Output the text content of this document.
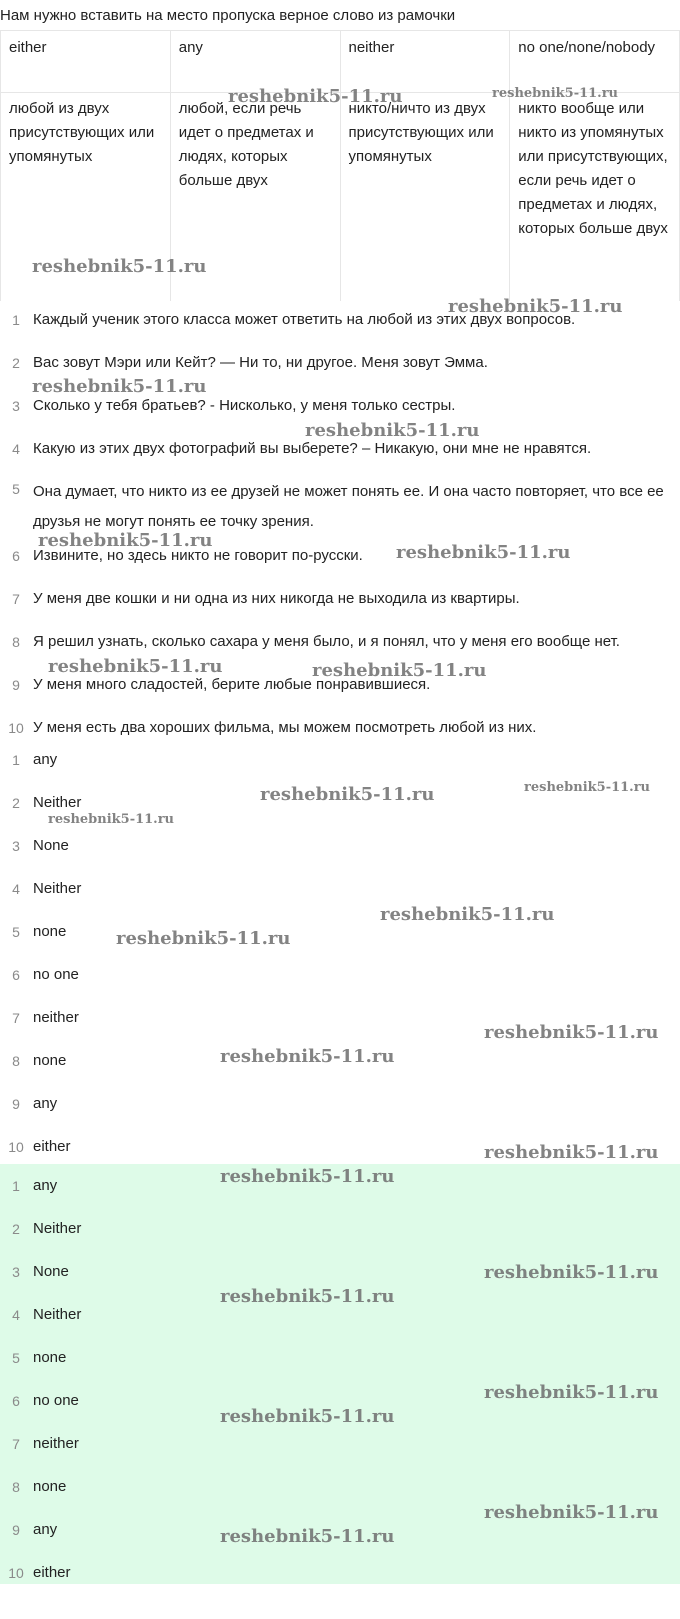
Нам нужно вставить на место пропуска верное слово из рамочки
either	any	neither	no one/none/nobody
любой из двух присутствующих или упомянутых	любой, если речь идет о предметах и людях, которых больше двух	никто/ничто из двух присутствующих или упомянутых	никто вообще или никто из упомянутых или присутствующих, если речь идет о предметах и людях, которых больше двух
1 Каждый ученик этого класса может ответить на любой из этих двух вопросов.
2 Вас зовут Мэри или Кейт? — Ни то, ни другое. Меня зовут Эмма.
3 Сколько у тебя братьев? - Нисколько, у меня только сестры.
4 Какую из этих двух фотографий вы выберете? – Никакую, они мне не нравятся.
5 Она думает, что никто из ее друзей не может понять ее. И она часто повторяет, что все ее друзья не могут понять ее точку зрения.
6 Извините, но здесь никто не говорит по-русски.
7 У меня две кошки и ни одна из них никогда не выходила из квартиры.
8 Я решил узнать, сколько сахара у меня было, и я понял, что у меня его вообще нет.
9 У меня много сладостей, берите любые понравившиеся.
10 У меня есть два хороших фильма, мы можем посмотреть любой из них.
1 any
2 Neither
3 None
4 Neither
5 none
6 no one
7 neither
8 none
9 any
10 either
1 any
2 Neither
3 None
4 Neither
5 none
6 no one
7 neither
8 none
9 any
10 either
reshebnik5-11.ru	reshebnik5-11.ru
reshebnik5-11.ru
reshebnik5-11.ru
reshebnik5-11.ru
reshebnik5-11.ru
reshebnik5-11.ru
reshebnik5-11.ru
reshebnik5-11.ru	reshebnik5-11.ru
reshebnik5-11.ru	reshebnik5-11.ru
reshebnik5-11.ru
reshebnik5-11.ru
reshebnik5-11.ru
reshebnik5-11.ru
reshebnik5-11.ru
reshebnik5-11.ru
reshebnik5-11.ru
reshebnik5-11.ru
reshebnik5-11.ru
reshebnik5-11.ru
reshebnik5-11.ru
reshebnik5-11.ru
reshebnik5-11.ru
